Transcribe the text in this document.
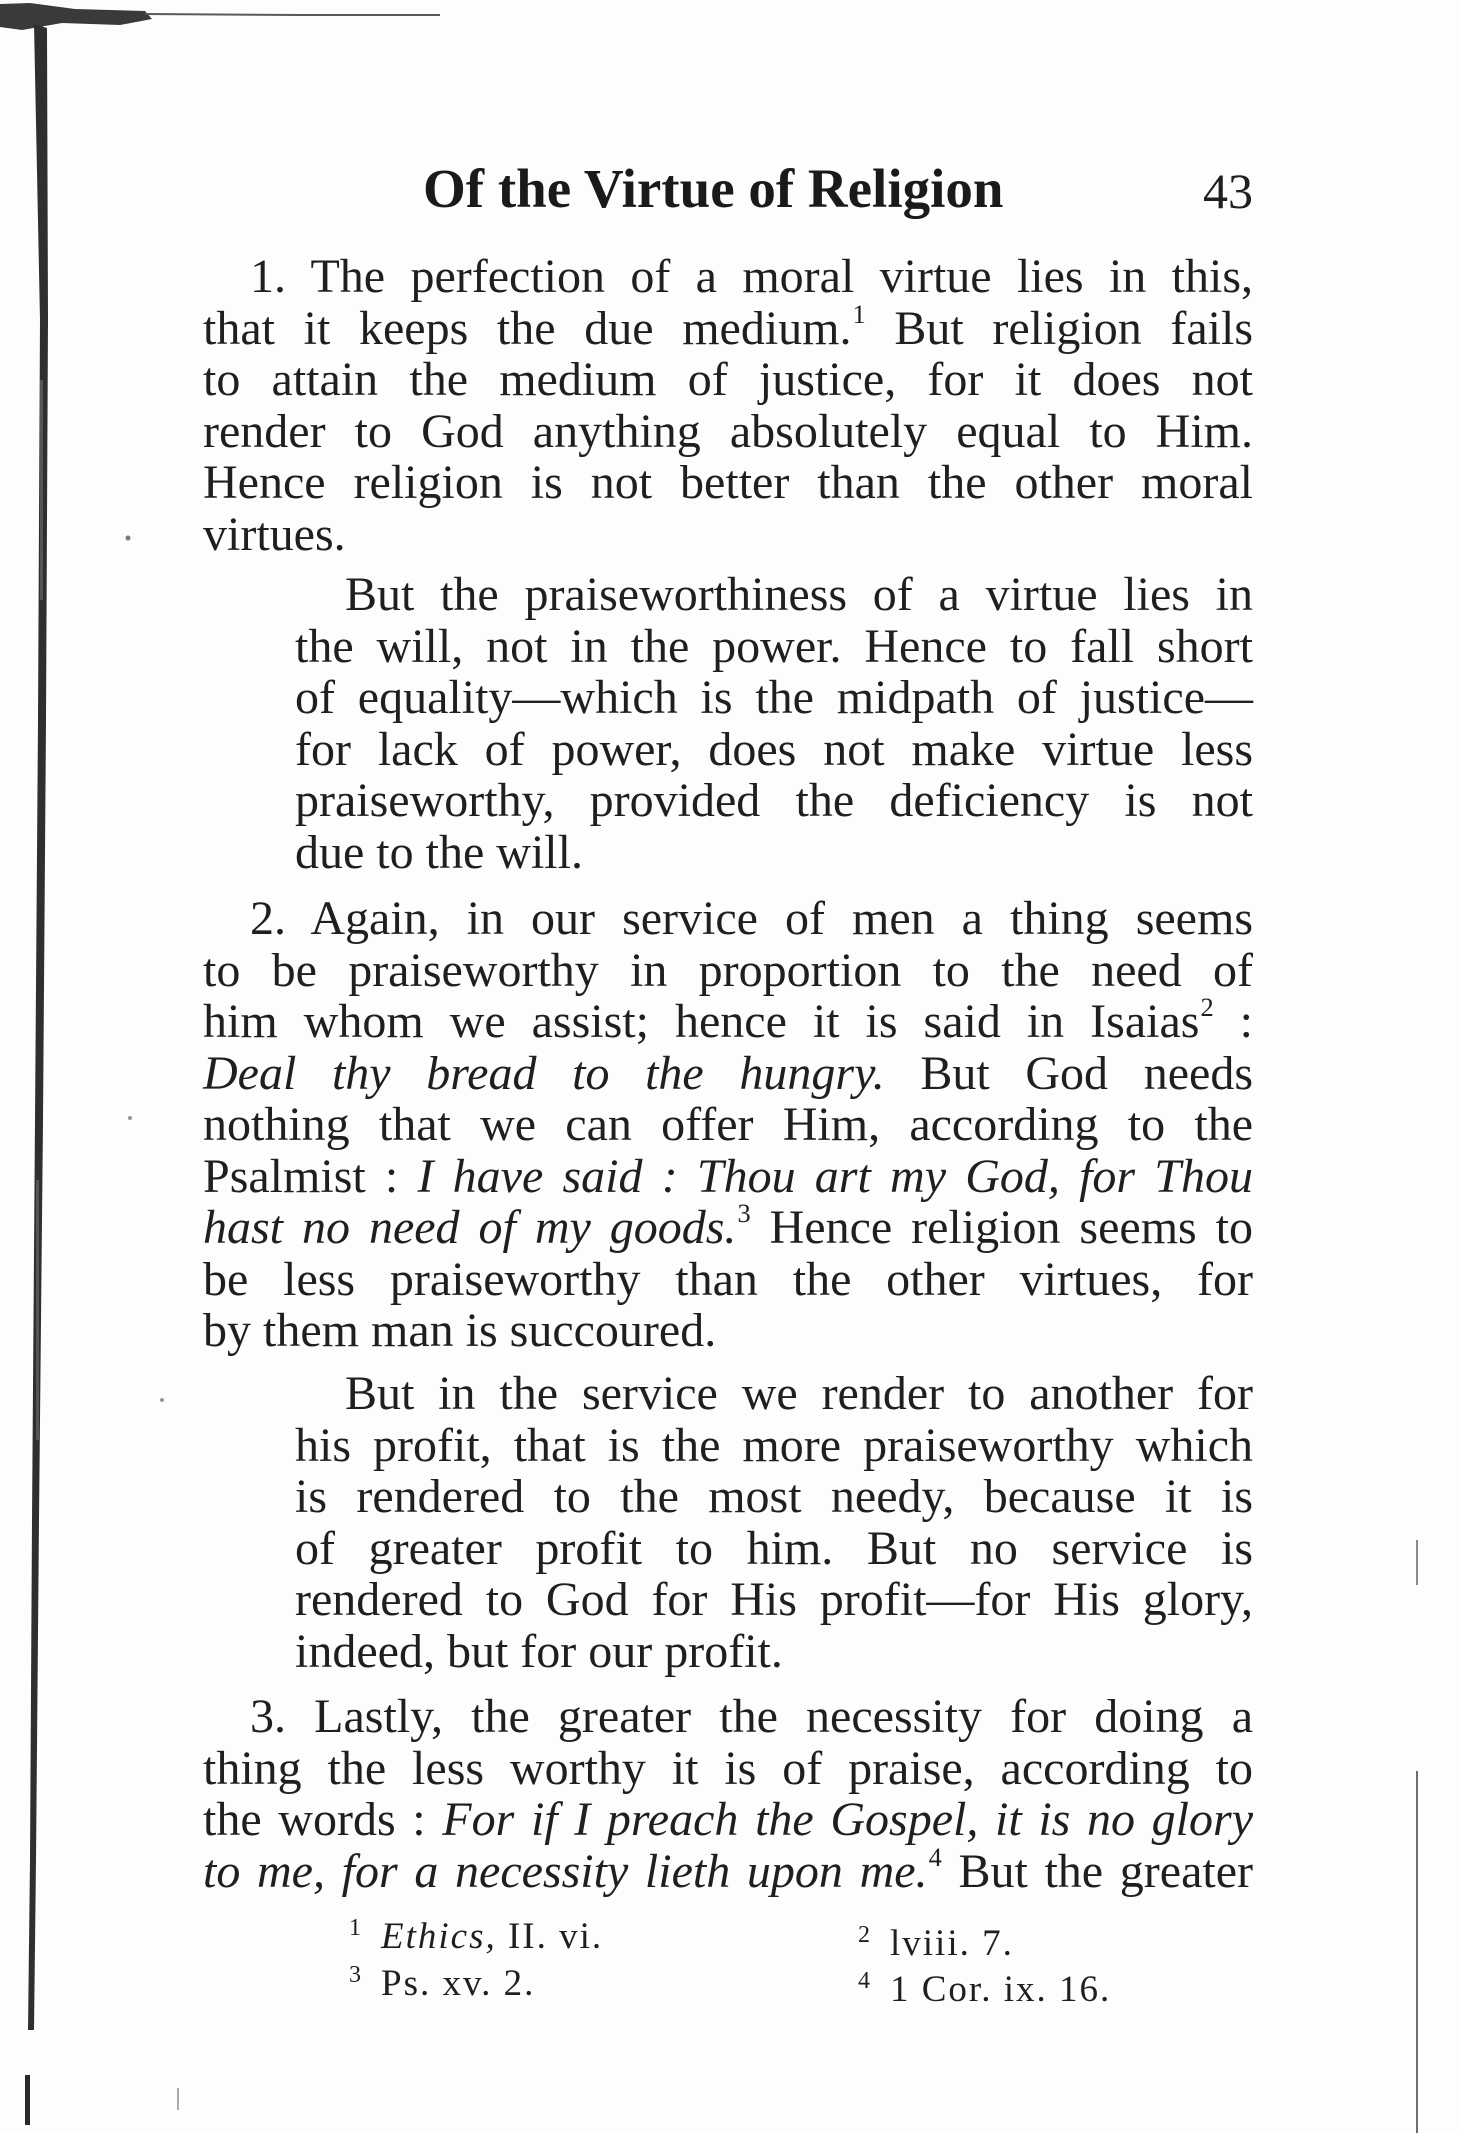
Of the Virtue of Religion	43
1. The perfection of a moral virtue lies in this,
that it keeps the due medium.$^1$ But religion fails
to attain the medium of justice, for it does not
render to God anything absolutely equal to Him.
Hence religion is not better than the other moral
virtues.
But the praiseworthiness of a virtue lies in
the will, not in the power. Hence to fall short
of equality—which is the midpath of justice—
for lack of power, does not make virtue less
praiseworthy, provided the deficiency is not
due to the will.
2. Again, in our service of men a thing seems
to be praiseworthy in proportion to the need of
him whom we assist; hence it is said in Isaias$^2$ :
Deal thy bread to the hungry. But God needs
nothing that we can offer Him, according to the
Psalmist : I have said : Thou art my God, for Thou
hast no need of my goods.$^3$ Hence religion seems to
be less praiseworthy than the other virtues, for
by them man is succoured.
But in the service we render to another for
his profit, that is the more praiseworthy which
is rendered to the most needy, because it is
of greater profit to him. But no service is
rendered to God for His profit—for His glory,
indeed, but for our profit.
3. Lastly, the greater the necessity for doing a
thing the less worthy it is of praise, according to
the words : For if I preach the Gospel, it is no glory
to me, for a necessity lieth upon me.$^4$ But the greater
$^1$ Ethics, II. vi.	$^2$ lviii. 7.
$^3$ Ps. xv. 2.	$^4$ 1 Cor. ix. 16.
